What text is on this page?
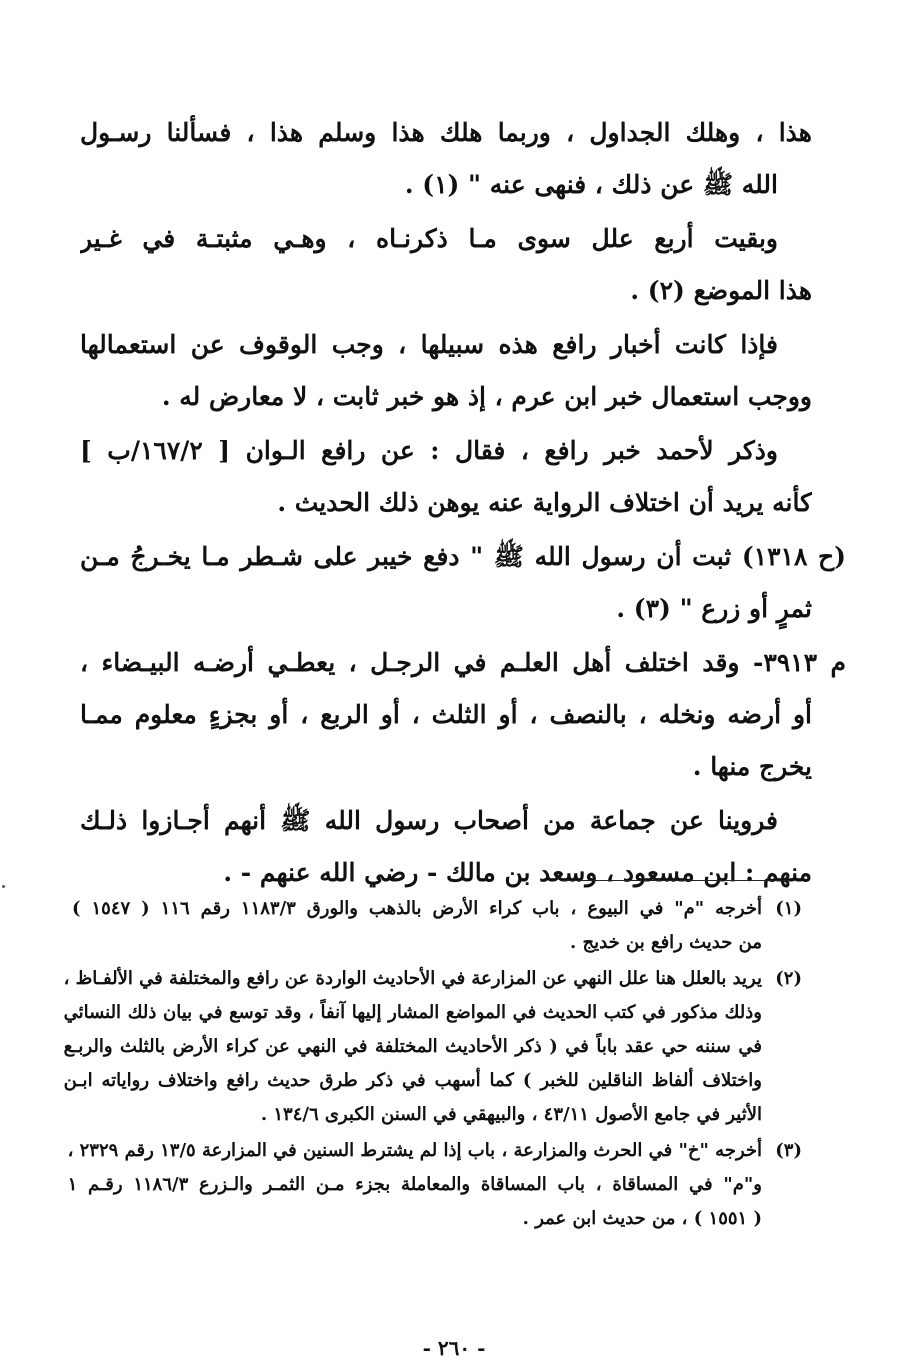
هذا ، وهلك الجداول ، وربما هلك هذا وسلم هذا ، فسألنا رسـول
الله ﷺ عن ذلك ، فنهى عنه " (١) .
وبقيت أربع علل سوى مـا ذكرنـاه ، وهـي مثبتـة في غـير
هذا الموضع (٢) .
فإذا كانت أخبار رافع هذه سبيلها ، وجب الوقوف عن استعمالها
ووجب استعمال خبر ابن عرم ، إذ هو خبر ثابت ، لا معارض له .
وذكر لأحمد خبر رافع ، فقال : عن رافع الـوان [ ١٦٧/٢/ب ]
كأنه يريد أن اختلاف الرواية عنه يوهن ذلك الحديث .
(ح ١٣١٨) ثبت أن رسول الله ﷺ " دفع خيبر على شـطر مـا يخـرجُ مـن
ثمرٍ أو زرع " (٣) .
م ٣٩١٣- وقد اختلف أهل العلـم في الرجـل ، يعطـي أرضـه البيـضاء ،
أو أرضه ونخله ، بالنصف ، أو الثلث ، أو الربع ، أو بجزءٍ معلوم ممـا
يخرج منها .
فروينا عن جماعة من أصحاب رسول الله ﷺ أنهم أجـازوا ذلـك
منهم : ابن مسعود ، وسعد بن مالك - رضي الله عنهم - .
(١)
أخرجه "م" في البيوع ، باب كراء الأرض بالذهب والورق ١١٨٣/٣ رقم ١١٦ ( ١٥٤٧ )
من حديث رافع بن خديج .
(٢)
يريد بالعلل هنا علل النهي عن المزارعة في الأحاديث الواردة عن رافع والمختلفة في الألفـاظ ،
وذلك مذكور في كتب الحديث في المواضع المشار إليها آنفاً ، وقد توسع في بيان ذلك النسائي
في سننه حي عقد باباً في ( ذكر الأحاديث المختلفة في النهي عن كراء الأرض بالثلث والربـع
واختلاف ألفاظ الناقلين للخبر ) كما أسهب في ذكر طرق حديث رافع واختلاف رواياته ابـن
الأثير في جامع الأصول ٤٣/١١ ، والبيهقي في السنن الكبرى ١٣٤/٦ .
(٣)
أخرجه "خ" في الحرث والمزارعة ، باب إذا لم يشترط السنين في المزارعة ١٣/٥ رقم ٢٣٢٩ ،
و"م" في المساقاة ، باب المساقاة والمعاملة بجزء مـن الثمـر والـزرع ١١٨٦/٣ رقـم ١
( ١٥٥١ ) ، من حديث ابن عمر .
- ٢٦٠ -
